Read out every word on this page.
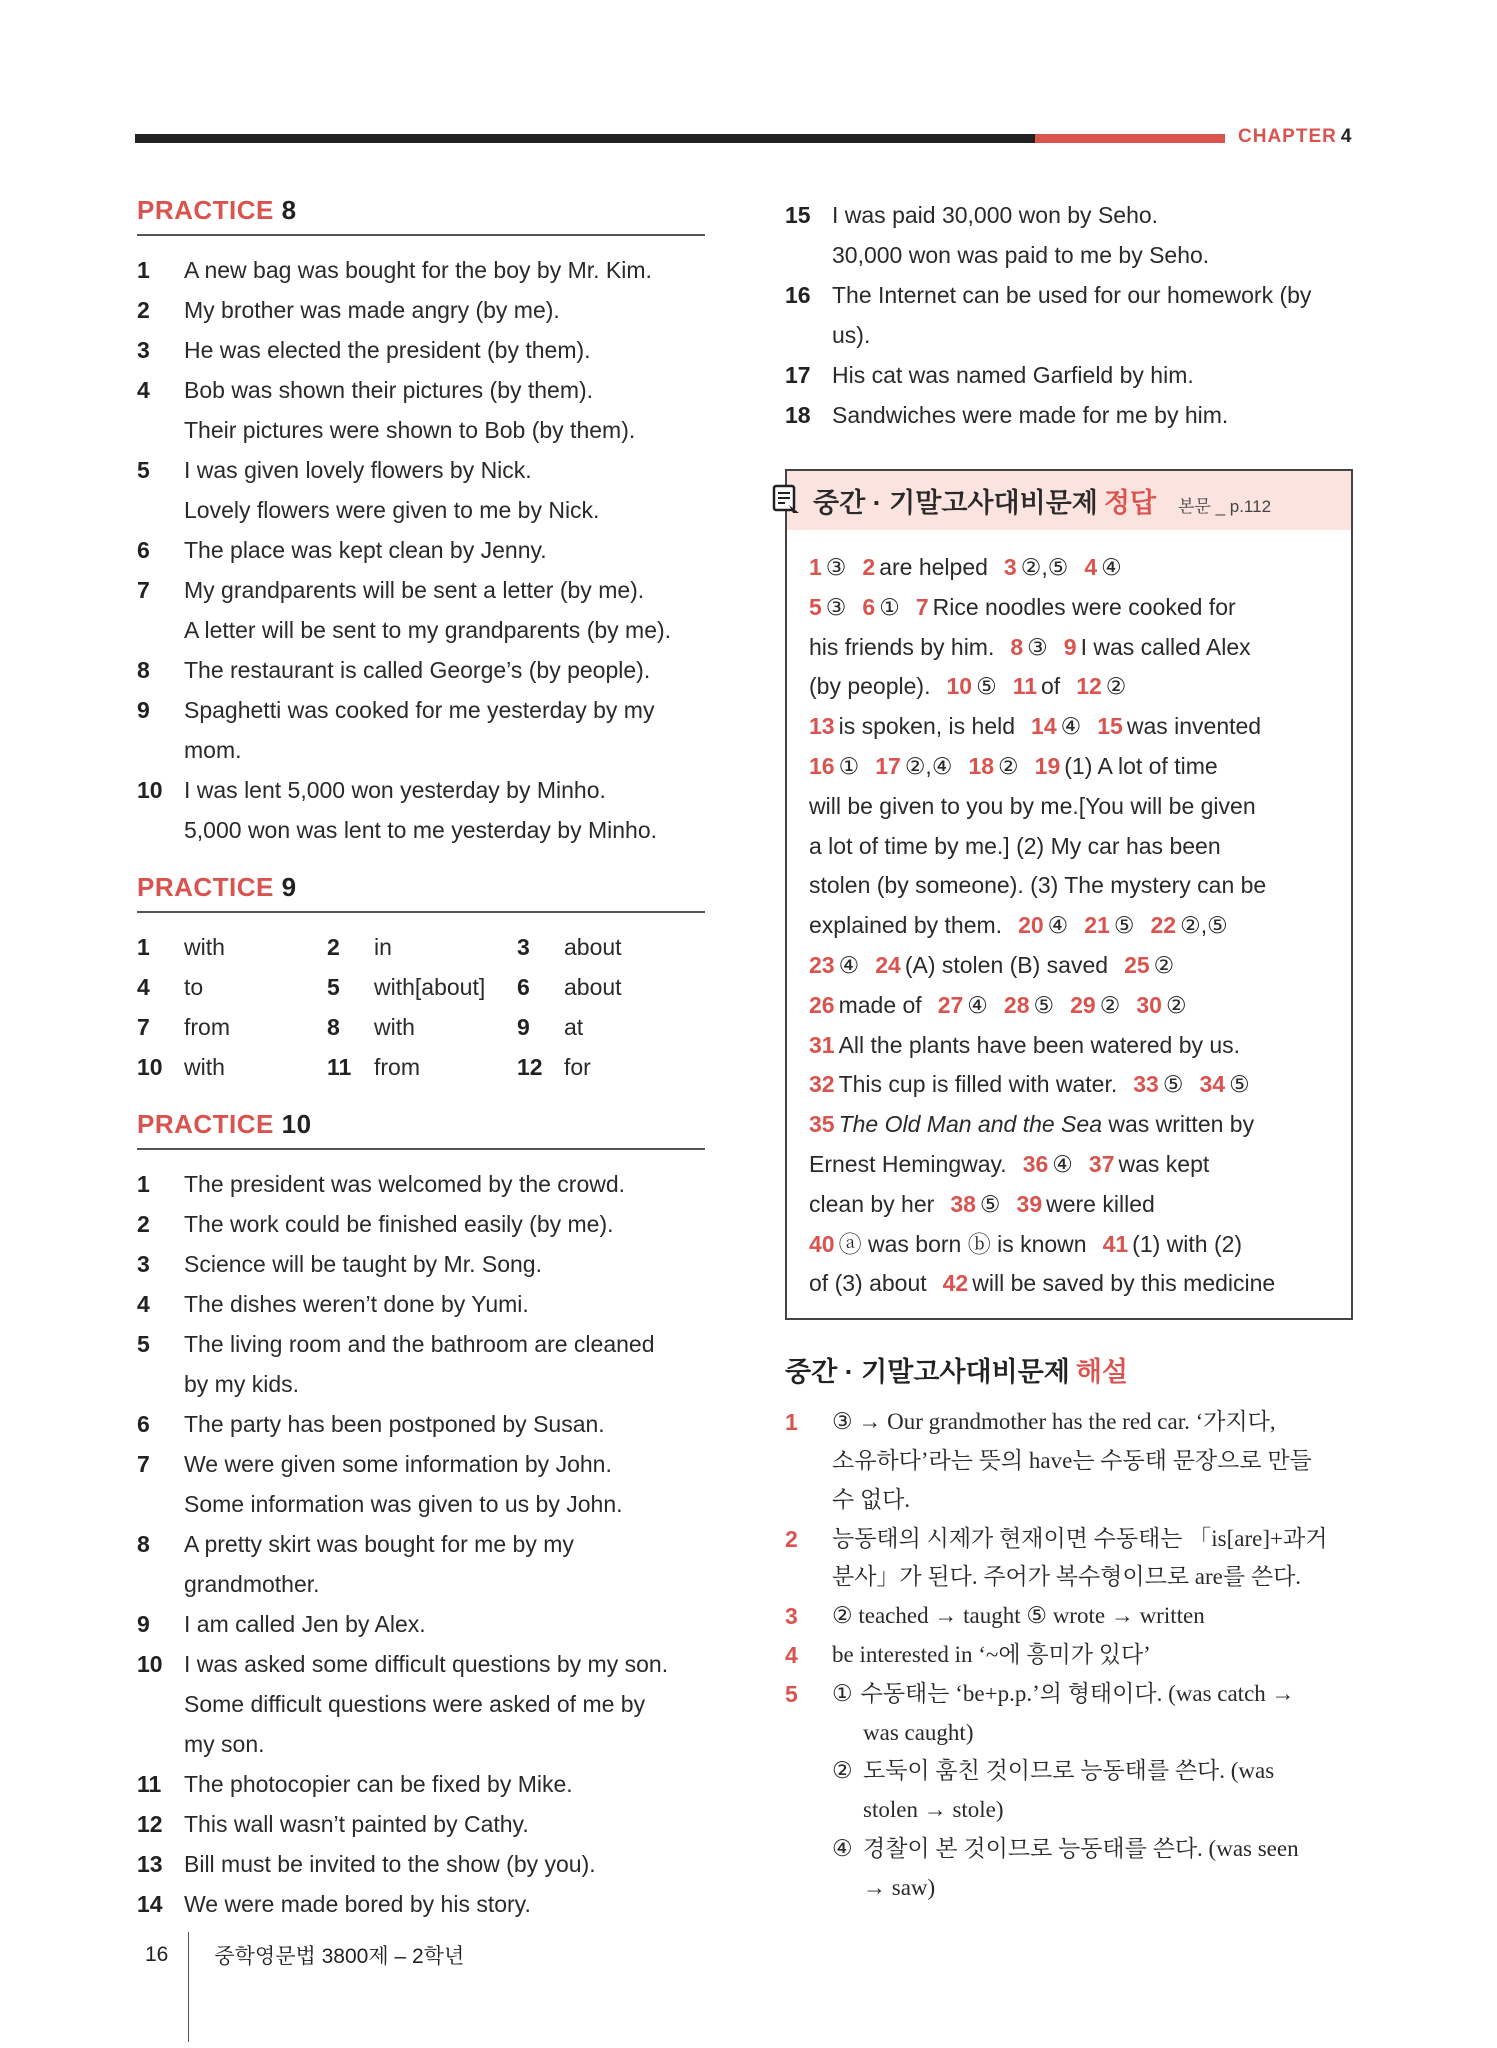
CHAPTER 4
PRACTICE 8
1	A new bag was bought for the boy by Mr. Kim.
2	My brother was made angry (by me).
3	He was elected the president (by them).
4	Bob was shown their pictures (by them).
Their pictures were shown to Bob (by them).
5	I was given lovely flowers by Nick.
Lovely flowers were given to me by Nick.
6	The place was kept clean by Jenny.
7	My grandparents will be sent a letter (by me).
A letter will be sent to my grandparents (by me).
8	The restaurant is called George’s (by people).
9	Spaghetti was cooked for me yesterday by my
mom.
10 I was lent 5,000 won yesterday by Minho.
5,000 won was lent to me yesterday by Minho.
PRACTICE 9
1	with	2	in	3	about
4	to	5	with[about] 6	about
7	from	8	with	9	at
10 with	11 from	12 for
PRACTICE 10
1	The president was welcomed by the crowd.
2	The work could be finished easily (by me).
3	Science will be taught by Mr. Song.
4	The dishes weren’t done by Yumi.
5	The living room and the bathroom are cleaned
by my kids.
6	The party has been postponed by Susan.
7	We were given some information by John.
Some information was given to us by John.
8	A pretty skirt was bought for me by my
grandmother.
9	I am called Jen by Alex.
10 I was asked some difficult questions by my son.
Some difficult questions were asked of me by
my son.
11 The photocopier can be fixed by Mike.
12 This wall wasn’t painted by Cathy.
13 Bill must be invited to the show (by you).
14 We were made bored by his story.
15 I was paid 30,000 won by Seho.
30,000 won was paid to me by Seho.
16 The Internet can be used for our homework (by
us).
17 His cat was named Garfield by him.
18 Sandwiches were made for me by him.
중간 · 기말고사대비문제 정답 본문 _ p.112
1 ③ 2 are helped 3 ②,⑤ 4 ④
5 ③ 6 ① 7 Rice noodles were cooked for
his friends by him. 8 ③ 9 I was called Alex
(by people). 10 ⑤ 11 of 12 ②
13 is spoken, is held 14 ④ 15 was invented
16 ① 17 ②,④ 18 ② 19 (1) A lot of time
will be given to you by me.[You will be given
a lot of time by me.] (2) My car has been
stolen (by someone). (3) The mystery can be
explained by them. 20 ④ 21 ⑤ 22 ②,⑤
23 ④ 24 (A) stolen (B) saved 25 ②
26 made of 27 ④ 28 ⑤ 29 ② 30 ②
31 All the plants have been watered by us.
32 This cup is filled with water. 33 ⑤ 34 ⑤
35 The Old Man and the Sea was written by
Ernest Hemingway. 36 ④ 37 was kept
clean by her 38 ⑤ 39 were killed
40 ⓐ was born ⓑ is known 41 (1) with (2)
of (3) about 42 will be saved by this medicine
중간 · 기말고사대비문제 해설
1	③ → Our grandmother has the red car. ‘가지다,
소유하다’라는 뜻의 have는 수동태 문장으로 만들
수 없다.
2	능동태의 시제가 현재이면 수동태는 「is[are]+과거
분사」가 된다. 주어가 복수형이므로 are를 쓴다.
3	② teached → taught ⑤ wrote → written
4	be interested in ‘~에 흥미가 있다’
5	① 수동태는 ‘be+p.p.’의 형태이다. (was catch →
was caught)
② 도둑이 훔친 것이므로 능동태를 쓴다. (was
stolen → stole)
④ 경찰이 본 것이므로 능동태를 쓴다. (was seen
→ saw)
16 중학영문법 3800제 – 2학년
